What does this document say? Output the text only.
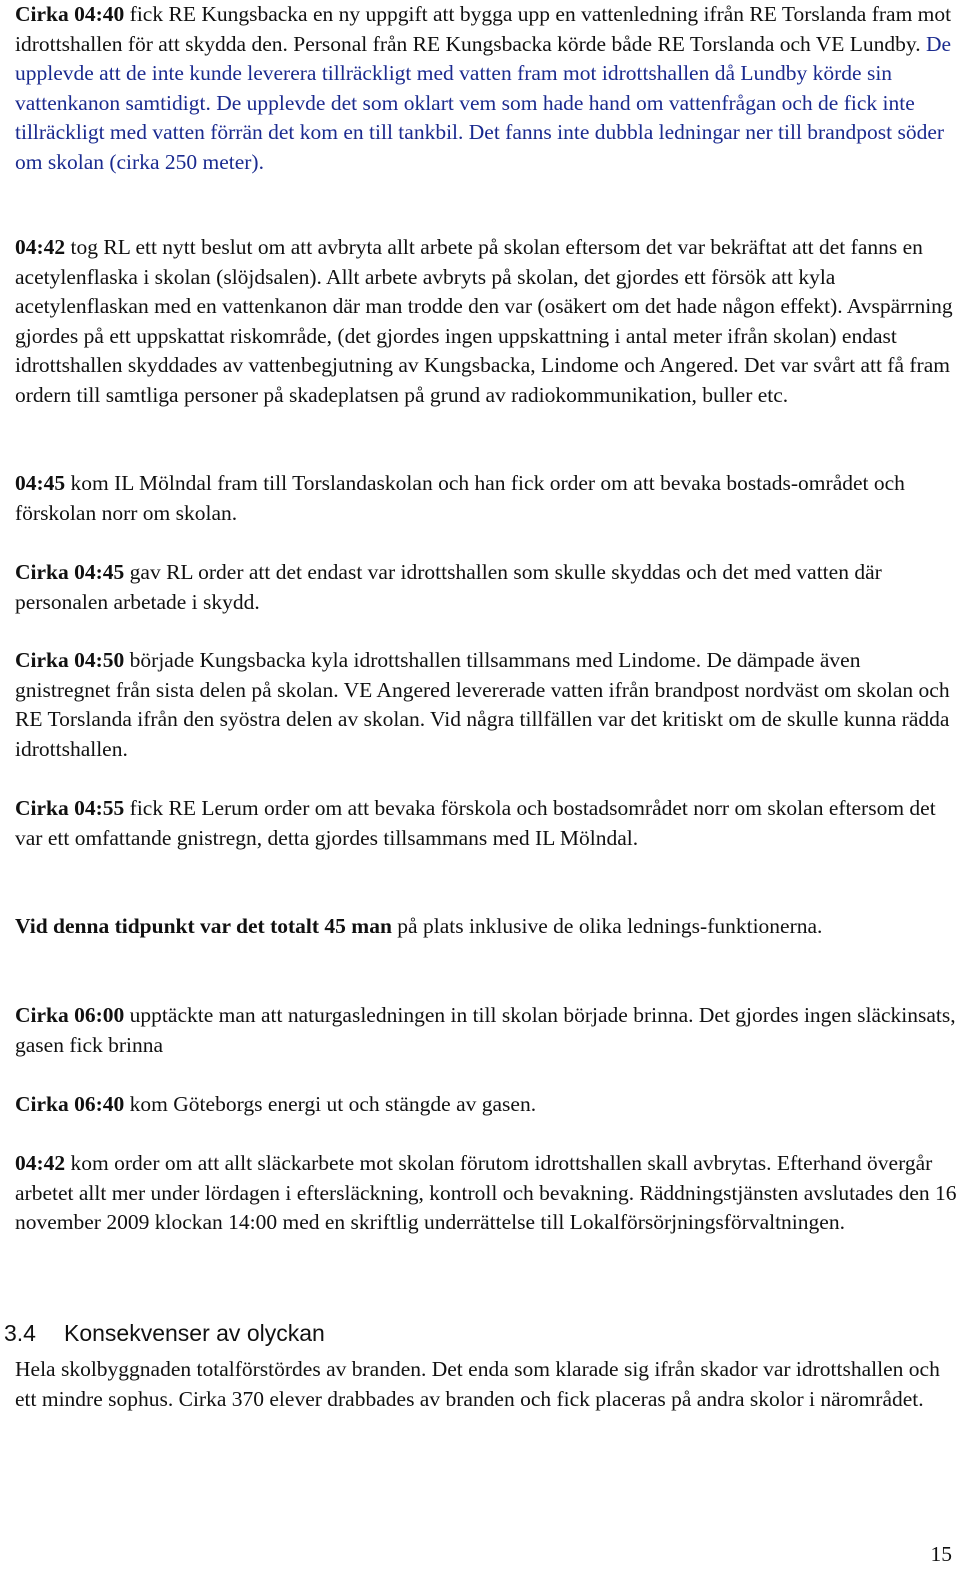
Cirka 04:40 fick RE Kungsbacka en ny uppgift att bygga upp en vattenledning ifrån RE Torslanda fram mot idrottshallen för att skydda den. Personal från RE Kungsbacka körde både RE Torslanda och VE Lundby. De upplevde att de inte kunde leverera tillräckligt med vatten fram mot idrottshallen då Lundby körde sin vattenkanon samtidigt. De upplevde det som oklart vem som hade hand om vattenfrågan och de fick inte tillräckligt med vatten förrän det kom en till tankbil. Det fanns inte dubbla ledningar ner till brandpost söder om skolan (cirka 250 meter).

04:42 tog RL ett nytt beslut om att avbryta allt arbete på skolan eftersom det var bekräftat att det fanns en acetylenflaska i skolan (slöjdsalen). Allt arbete avbryts på skolan, det gjordes ett försök att kyla acetylenflaskan med en vattenkanon där man trodde den var (osäkert om det hade någon effekt). Avspärrning gjordes på ett uppskattat riskområde, (det gjordes ingen uppskattning i antal meter ifrån skolan) endast idrottshallen skyddades av vattenbegjutning av Kungsbacka, Lindome och Angered. Det var svårt att få fram ordern till samtliga personer på skadeplatsen på grund av radiokommunikation, buller etc.

04:45 kom IL Mölndal fram till Torslandaskolan och han fick order om att bevaka bostads-området och förskolan norr om skolan.

Cirka 04:45 gav RL order att det endast var idrottshallen som skulle skyddas och det med vatten där personalen arbetade i skydd.

Cirka 04:50 började Kungsbacka kyla idrottshallen tillsammans med Lindome. De dämpade även gnistregnet från sista delen på skolan. VE Angered levererade vatten ifrån brandpost nordväst om skolan och RE Torslanda ifrån den syöstra delen av skolan. Vid några tillfällen var det kritiskt om de skulle kunna rädda idrottshallen.

Cirka 04:55 fick RE Lerum order om att bevaka förskola och bostadsområdet norr om skolan eftersom det var ett omfattande gnistregn, detta gjordes tillsammans med IL Mölndal.

Vid denna tidpunkt var det totalt 45 man på plats inklusive de olika lednings-funktionerna.

Cirka 06:00 upptäckte man att naturgasledningen in till skolan började brinna. Det gjordes ingen släckinsats, gasen fick brinna

Cirka 06:40 kom Göteborgs energi ut och stängde av gasen.

04:42 kom order om att allt släckarbete mot skolan förutom idrottshallen skall avbrytas. Efterhand övergår arbetet allt mer under lördagen i eftersläckning, kontroll och bevakning. Räddningstjänsten avslutades den 16 november 2009 klockan 14:00 med en skriftlig underrättelse till Lokalförsörjningsförvaltningen.

3.4 Konsekvenser av olyckan

Hela skolbyggnaden totalförstördes av branden. Det enda som klarade sig ifrån skador var idrottshallen och ett mindre sophus. Cirka 370 elever drabbades av branden och fick placeras på andra skolor i närområdet.

15
